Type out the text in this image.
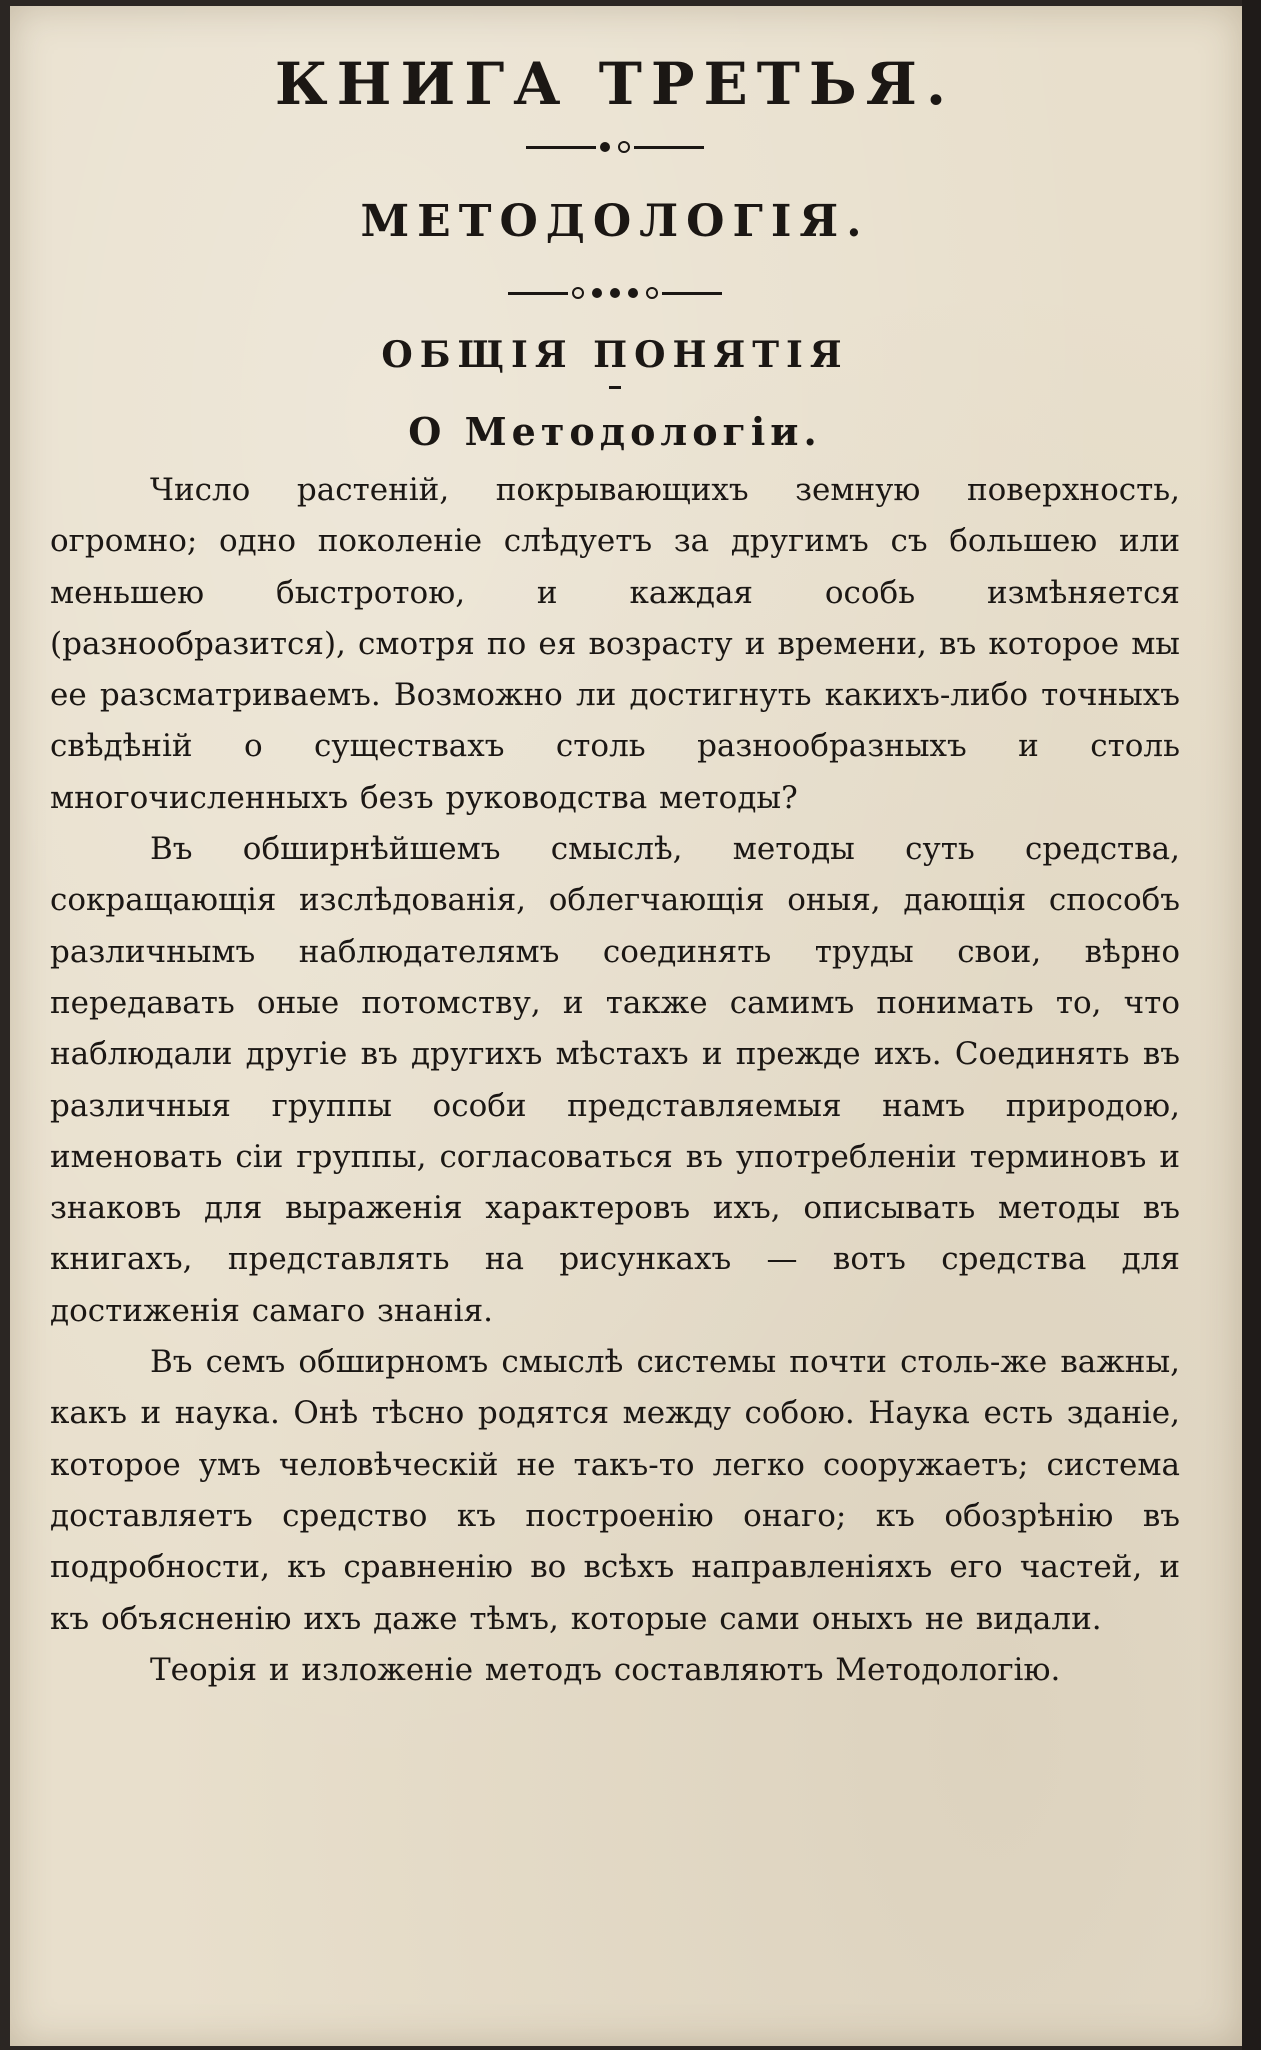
КНИГА ТРЕТЬЯ.
МЕТОДОЛОГІЯ.
ОБЩІЯ ПОНЯТІЯ
О Методологіи.

Число растеній, покрывающихъ земную поверхность, огромно; одно поколеніе слѣдуетъ за другимъ съ большею или меньшею быстротою, и каждая особь измѣняется (разнообразится), смотря по ея возрасту и времени, въ которое мы ее разсматриваемъ. Возможно ли достигнуть какихъ-либо точныхъ свѣдѣній о существахъ столь разнообразныхъ и столь многочисленныхъ безъ руководства методы?

Въ обширнѣйшемъ смыслѣ, методы суть средства, сокращающія изслѣдованія, облегчающія оныя, дающія способъ различнымъ наблюдателямъ соединять труды свои, вѣрно передавать оные потомству, и также самимъ понимать то, что наблюдали другіе въ другихъ мѣстахъ и прежде ихъ. Соединять въ различныя группы особи представляемыя намъ природою, именовать сіи группы, согласоваться въ употребленіи терминовъ и знаковъ для выраженія характеровъ ихъ, описывать методы въ книгахъ, представлять на рисункахъ — вотъ средства для достиженія самаго знанія.

Въ семъ обширномъ смыслѣ системы почти столь-же важны, какъ и наука. Онѣ тѣсно родятся между собою. Наука есть зданіе, которое умъ человѣческій не такъ-то легко сооружаетъ; система доставляетъ средство къ построенію онаго; къ обозрѣнію въ подробности, къ сравненію во всѣхъ направленіяхъ его частей, и къ объясненію ихъ даже тѣмъ, которые сами оныхъ не видали.

Теорія и изложеніе методъ составляютъ Методологію.
